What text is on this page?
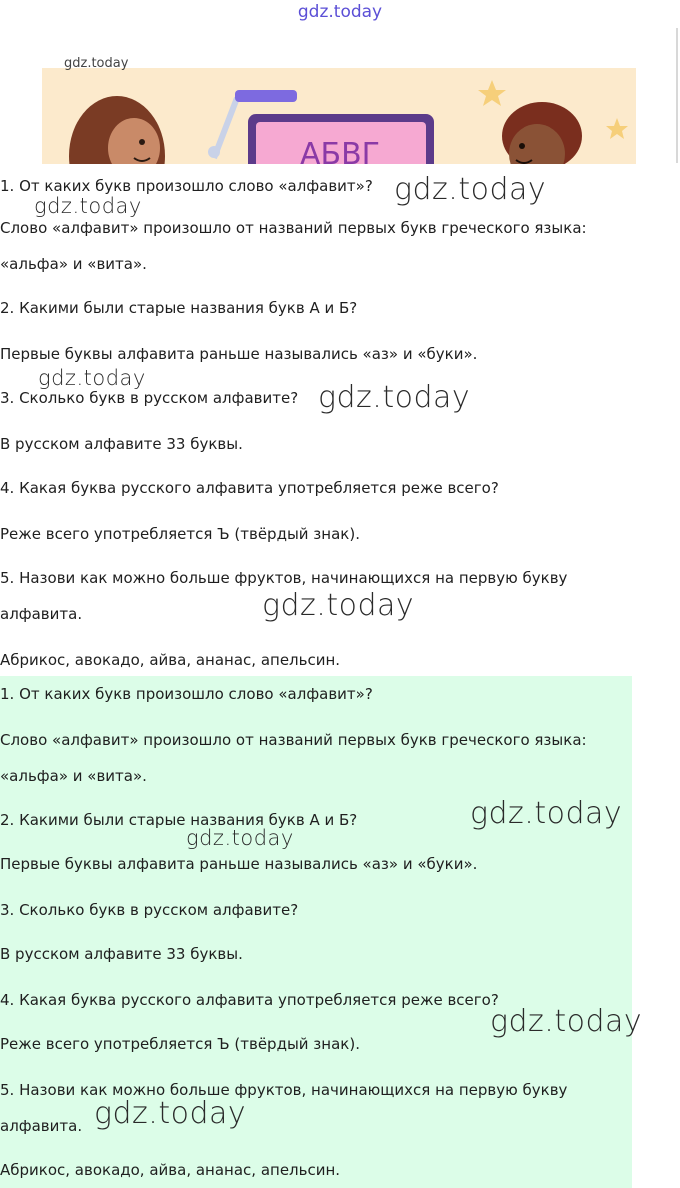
gdz.today
АБВГ
gdz.today

1. От каких букв произошло слово «алфавит»?

Слово «алфавит» произошло от названий первых букв греческого языка: «альфа» и «вита».

2. Какими были старые названия букв А и Б?

Первые буквы алфавита раньше назывались «аз» и «буки».

3. Сколько букв в русском алфавите?

В русском алфавите 33 буквы.

4. Какая буква русского алфавита употребляется реже всего?

Реже всего употребляется Ъ (твёрдый знак).

5. Назови как можно больше фруктов, начинающихся на первую букву алфавита.

Абрикос, авокадо, айва, ананас, апельсин.

1. От каких букв произошло слово «алфавит»?

Слово «алфавит» произошло от названий первых букв греческого языка: «альфа» и «вита».

2. Какими были старые названия букв А и Б?

Первые буквы алфавита раньше назывались «аз» и «буки».

3. Сколько букв в русском алфавите?

В русском алфавите 33 буквы.

4. Какая буква русского алфавита употребляется реже всего?

Реже всего употребляется Ъ (твёрдый знак).

5. Назови как можно больше фруктов, начинающихся на первую букву алфавита.

Абрикос, авокадо, айва, ананас, апельсин.

gdz.today
gdz.today
gdz.today
gdz.today
gdz.today
gdz.today
gdz.today
gdz.today
gdz.today
